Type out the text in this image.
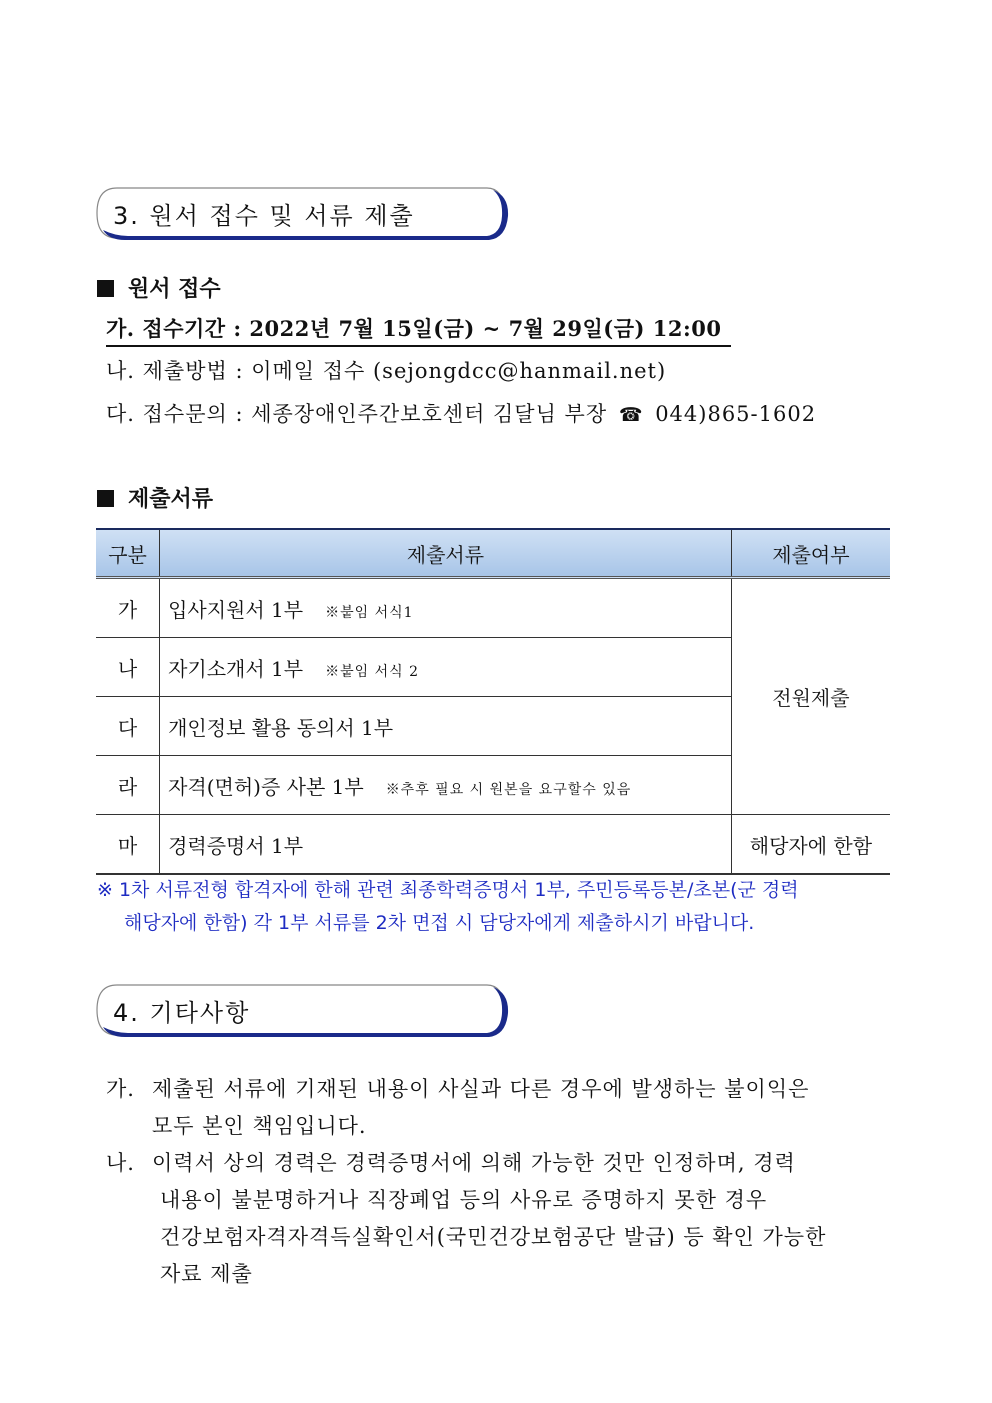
3. 원서 접수 및 서류 제출
원서 접수
가. 접수기간 : 2022년 7월 15일(금) ~ 7월 29일(금) 12:00
나. 제출방법 : 이메일 접수 (sejongdcc@hanmail.net)
다. 접수문의 : 세종장애인주간보호센터 김달님 부장 ☎ 044)865-1602
제출서류
구분	제출서류	제출여부
가	입사지원서 1부 ※붙임 서식1	전원제출
나	자기소개서 1부 ※붙임 서식 2	
다	개인정보 활용 동의서 1부	
라	자격(면허)증 사본 1부 ※추후 필요 시 원본을 요구할수 있음	
마	경력증명서 1부	해당자에 한함
※ 1차 서류전형 합격자에 한해 관련 최종학력증명서 1부, 주민등록등본/초본(군 경력
해당자에 한함) 각 1부 서류를 2차 면접 시 담당자에게 제출하시기 바랍니다.
4. 기타사항
가. 제출된 서류에 기재된 내용이 사실과 다른 경우에 발생하는 불이익은
모두 본인 책임입니다.
나. 이력서 상의 경력은 경력증명서에 의해 가능한 것만 인정하며, 경력
내용이 불분명하거나 직장폐업 등의 사유로 증명하지 못한 경우
건강보험자격자격득실확인서(국민건강보험공단 발급) 등 확인 가능한
자료 제출
